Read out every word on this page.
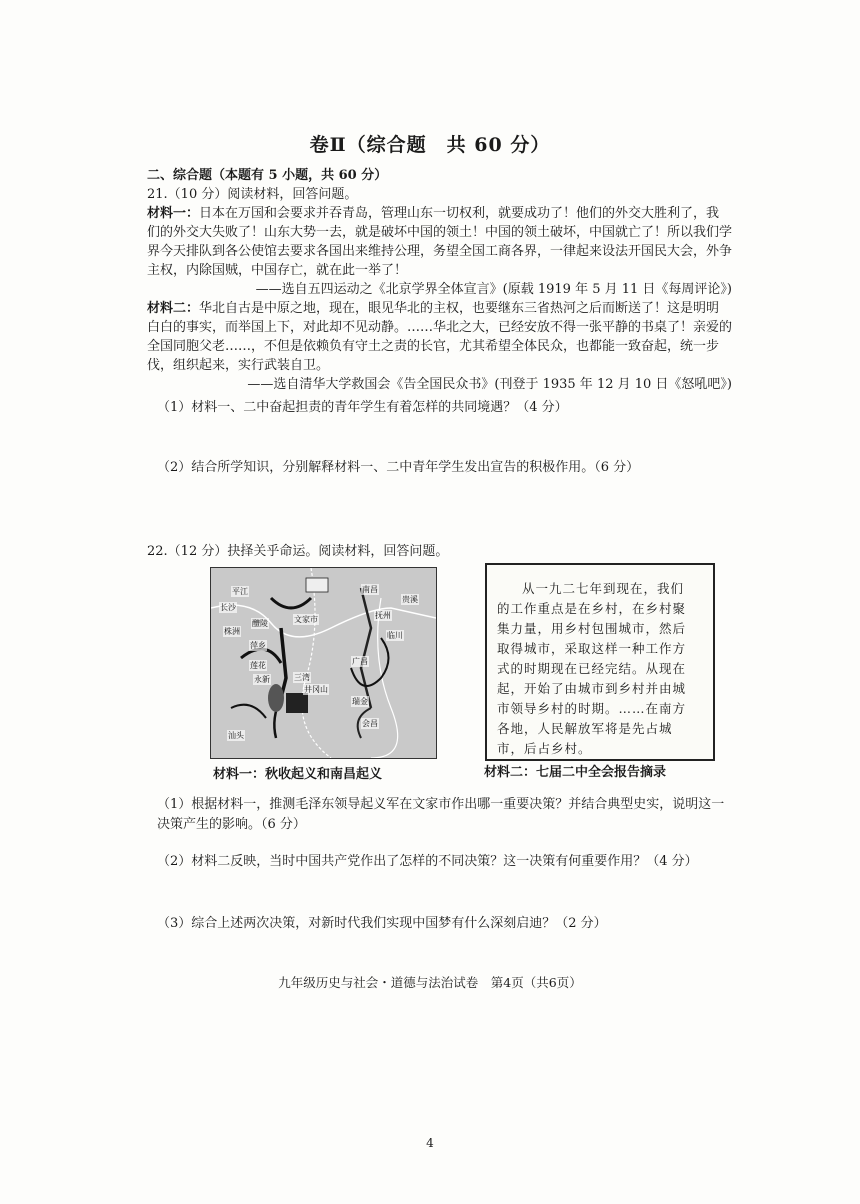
卷Ⅱ（综合题　共 60 分）
二、综合题（本题有 5 小题，共 60 分）
21.（10 分）阅读材料，回答问题。
材料一：日本在万国和会要求并吞青岛，管理山东一切权利，就要成功了！他们的外交大胜利了，我们的外交大失败了！山东大势一去，就是破坏中国的领土！中国的领土破坏，中国就亡了！所以我们学界今天排队到各公使馆去要求各国出来维持公理，务望全国工商各界，一律起来设法开国民大会，外争主权，内除国贼，中国存亡，就在此一举了！
——选自五四运动之《北京学界全体宣言》(原载 1919 年 5 月 11 日《每周评论》)
材料二：华北自古是中原之地，现在，眼见华北的主权，也要继东三省热河之后而断送了！这是明明白白的事实，而举国上下，对此却不见动静。……华北之大，已经安放不得一张平静的书桌了！亲爱的全国同胞父老……，不但是依赖负有守土之责的长官，尤其希望全体民众，也都能一致奋起，统一步伐，组织起来，实行武装自卫。
——选自清华大学救国会《告全国民众书》(刊登于 1935 年 12 月 10 日《怒吼吧》)
（1）材料一、二中奋起担责的青年学生有着怎样的共同境遇？（4 分）
（2）结合所学知识，分别解释材料一、二中青年学生发出宣告的积极作用。（6 分）
22.（12 分）抉择关乎命运。阅读材料，回答问题。
平江
长沙
株洲
萍乡
文家市
醴陵
莲花
永新	三湾
井冈山
广昌
瑞金
会昌
南昌
抚州
临川
贵溪
汕头
从一九二七年到现在，我们的工作重点是在乡村，在乡村聚集力量，用乡村包围城市，然后取得城市，采取这样一种工作方式的时期现在已经完结。从现在起，开始了由城市到乡村并由城市领导乡村的时期。……在南方各地，人民解放军将是先占城市，后占乡村。
材料一：秋收起义和南昌起义	材料二：七届二中全会报告摘录
（1）根据材料一，推测毛泽东领导起义军在文家市作出哪一重要决策？并结合典型史实，说明这一决策产生的影响。（6 分）
（2）材料二反映，当时中国共产党作出了怎样的不同决策？这一决策有何重要作用？（4 分）
（3）综合上述两次决策，对新时代我们实现中国梦有什么深刻启迪？（2 分）
九年级历史与社会・道德与法治试卷　第4页（共6页）
4
